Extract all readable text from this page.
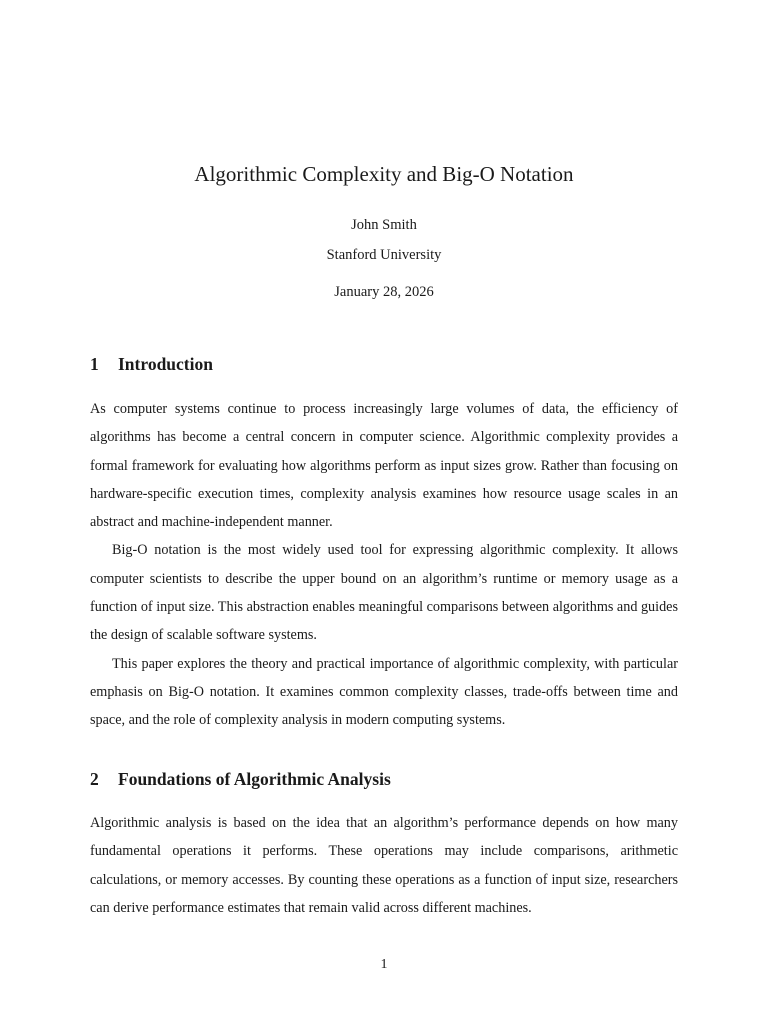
Algorithmic Complexity and Big-O Notation
John Smith
Stanford University
January 28, 2026
1 Introduction

As computer systems continue to process increasingly large volumes of data, the efficiency of algorithms has become a central concern in computer science. Algorithmic complexity provides a formal framework for evaluating how algorithms perform as input sizes grow. Rather than focusing on hardware-specific execution times, complexity analysis examines how resource usage scales in an abstract and machine-independent manner.

Big-O notation is the most widely used tool for expressing algorithmic complexity. It allows computer scientists to describe the upper bound on an algorithm’s runtime or memory usage as a function of input size. This abstraction enables meaningful comparisons between algorithms and guides the design of scalable software systems.

This paper explores the theory and practical importance of algorithmic complexity, with particular emphasis on Big-O notation. It examines common complexity classes, trade-offs between time and space, and the role of complexity analysis in modern computing systems.

2 Foundations of Algorithmic Analysis

Algorithmic analysis is based on the idea that an algorithm’s performance depends on how many fundamental operations it performs. These operations may include comparisons, arithmetic calculations, or memory accesses. By counting these operations as a function of input size, researchers can derive performance estimates that remain valid across different machines.

1
